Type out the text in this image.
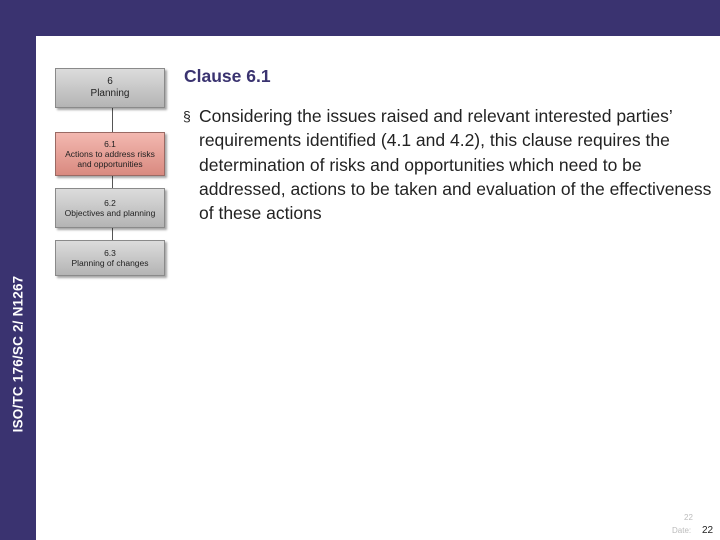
ISO/TC 176/SC 2/ N1267
6
Planning
6.1
Actions to address risks
and opportunities
6.2
Objectives and planning
6.3
Planning of changes
Clause 6.1
§ Considering the issues raised and relevant interested parties’ requirements identified (4.1 and 4.2), this clause requires the determination of risks and opportunities which need to be addressed, actions to be taken and evaluation of the effectiveness of these actions
22
Date: 22
